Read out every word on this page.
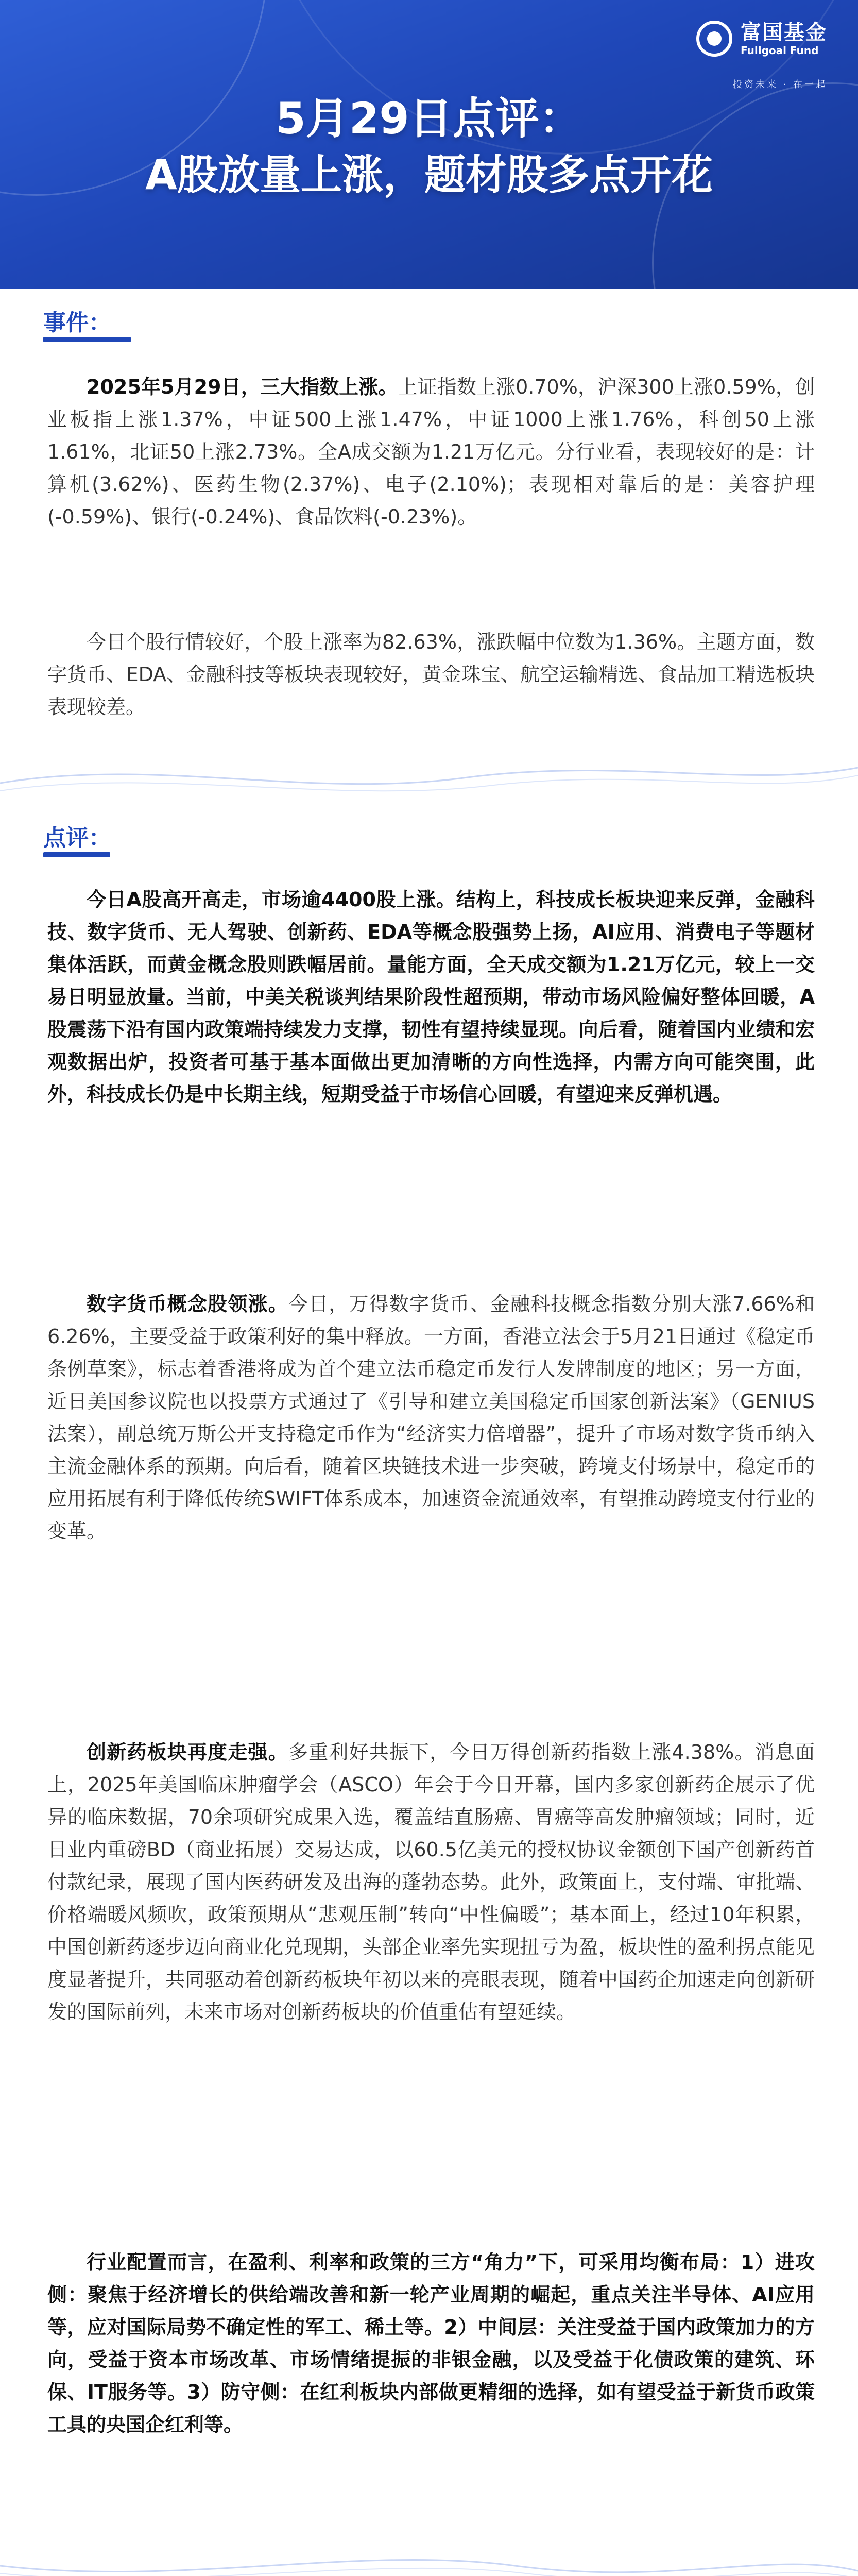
富国基金
Fullgoal Fund
投资未来 · 在一起
5月29日点评：
A股放量上涨，题材股多点开花
事件：
2025年5月29日，三大指数上涨。上证指数上涨0.70%，沪深300上涨0.59%，创业板指上涨1.37%，中证500上涨1.47%，中证1000上涨1.76%，科创50上涨1.61%，北证50上涨2.73%。全A成交额为1.21万亿元。分行业看，表现较好的是：计算机(3.62%)、医药生物(2.37%)、电子(2.10%)；表现相对靠后的是：美容护理(-0.59%)、银行(-0.24%)、食品饮料(-0.23%)。
今日个股行情较好，个股上涨率为82.63%，涨跌幅中位数为1.36%。主题方面，数字货币、EDA、金融科技等板块表现较好，黄金珠宝、航空运输精选、食品加工精选板块表现较差。
点评：
今日A股高开高走，市场逾4400股上涨。结构上，科技成长板块迎来反弹，金融科技、数字货币、无人驾驶、创新药、EDA等概念股强势上扬，AI应用、消费电子等题材集体活跃，而黄金概念股则跌幅居前。量能方面，全天成交额为1.21万亿元，较上一交易日明显放量。当前，中美关税谈判结果阶段性超预期，带动市场风险偏好整体回暖，A股震荡下沿有国内政策端持续发力支撑，韧性有望持续显现。向后看，随着国内业绩和宏观数据出炉，投资者可基于基本面做出更加清晰的方向性选择，内需方向可能突围，此外，科技成长仍是中长期主线，短期受益于市场信心回暖，有望迎来反弹机遇。
数字货币概念股领涨。今日，万得数字货币、金融科技概念指数分别大涨7.66%和6.26%，主要受益于政策利好的集中释放。一方面，香港立法会于5月21日通过《稳定币条例草案》，标志着香港将成为首个建立法币稳定币发行人发牌制度的地区；另一方面，近日美国参议院也以投票方式通过了《引导和建立美国稳定币国家创新法案》（GENIUS法案），副总统万斯公开支持稳定币作为“经济实力倍增器”，提升了市场对数字货币纳入主流金融体系的预期。向后看，随着区块链技术进一步突破，跨境支付场景中，稳定币的应用拓展有利于降低传统SWIFT体系成本，加速资金流通效率，有望推动跨境支付行业的变革。
创新药板块再度走强。多重利好共振下，今日万得创新药指数上涨4.38%。消息面上，2025年美国临床肿瘤学会（ASCO）年会于今日开幕，国内多家创新药企展示了优异的临床数据，70余项研究成果入选，覆盖结直肠癌、胃癌等高发肿瘤领域；同时，近日业内重磅BD（商业拓展）交易达成，以60.5亿美元的授权协议金额创下国产创新药首付款纪录，展现了国内医药研发及出海的蓬勃态势。此外，政策面上，支付端、审批端、价格端暖风频吹，政策预期从“悲观压制”转向“中性偏暖”；基本面上，经过10年积累，中国创新药逐步迈向商业化兑现期，头部企业率先实现扭亏为盈，板块性的盈利拐点能见度显著提升，共同驱动着创新药板块年初以来的亮眼表现，随着中国药企加速走向创新研发的国际前列，未来市场对创新药板块的价值重估有望延续。
行业配置而言，在盈利、利率和政策的三方“角力”下，可采用均衡布局：1）进攻侧：聚焦于经济增长的供给端改善和新一轮产业周期的崛起，重点关注半导体、AI应用等，应对国际局势不确定性的军工、稀土等。2）中间层：关注受益于国内政策加力的方向，受益于资本市场改革、市场情绪提振的非银金融，以及受益于化债政策的建筑、环保、IT服务等。3）防守侧：在红利板块内部做更精细的选择，如有望受益于新货币政策工具的央国企红利等。
